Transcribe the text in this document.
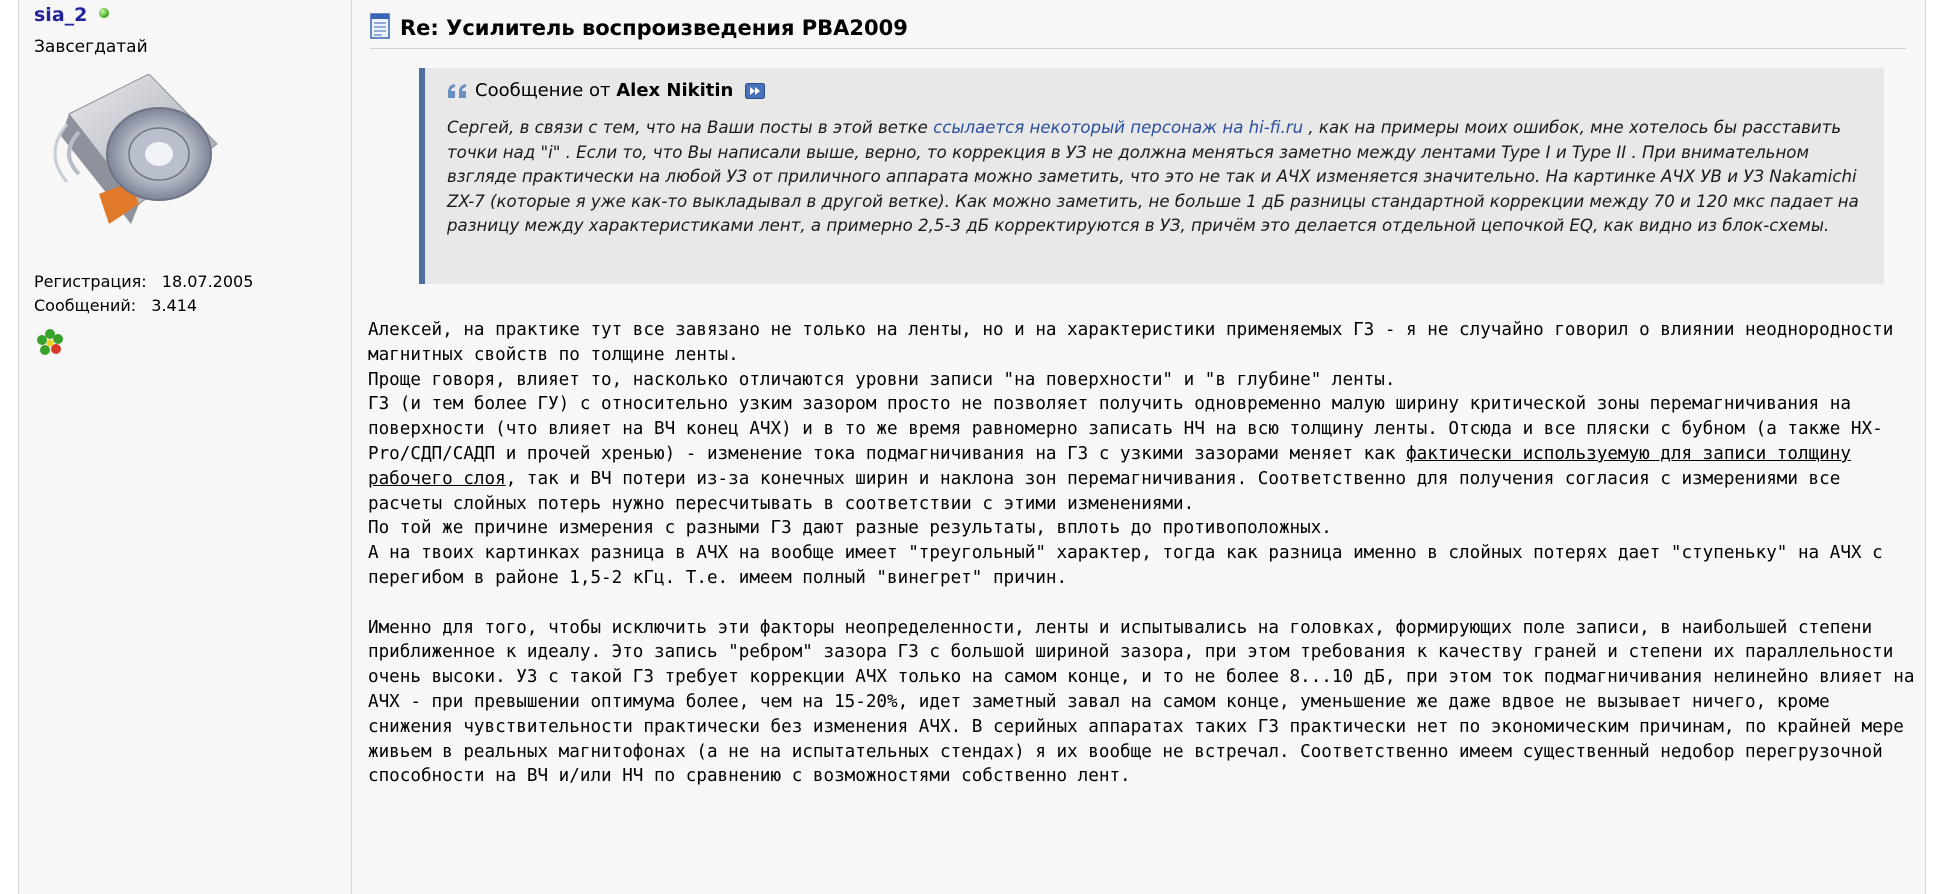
sia_2
Завсегдатай
Регистрация: 18.07.2005
Сообщений: 3.414
Re: Усилитель воспроизведения PBA2009
Сообщение от Alex Nikitin
Сергей, в связи с тем, что на Ваши посты в этой ветке ссылается некоторый персонаж на hi-fi.ru , как на примеры моих ошибок, мне хотелось бы расставить точки над "i" . Если то, что Вы написали выше, верно, то коррекция в УЗ не должна меняться заметно между лентами Type I и Type II . При внимательном взгляде практически на любой УЗ от приличного аппарата можно заметить, что это не так и АЧХ изменяется значительно. На картинке АЧХ УВ и УЗ Nakamichi ZX-7 (которые я уже как-то выкладывал в другой ветке). Как можно заметить, не больше 1 дБ разницы стандартной коррекции между 70 и 120 мкс падает на разницу между характеристиками лент, а примерно 2,5-3 дБ корректируются в УЗ, причём это делается отдельной цепочкой EQ, как видно из блок-схемы.

Алексей, на практике тут все завязано не только на ленты, но и на характеристики применяемых ГЗ - я не случайно говорил о влиянии неоднородности магнитных свойств по толщине ленты.

Проще говоря, влияет то, насколько отличаются уровни записи "на поверхности" и "в глубине" ленты.

ГЗ (и тем более ГУ) с относительно узким зазором просто не позволяет получить одновременно малую ширину критической зоны перемагничивания на поверхности (что влияет на ВЧ конец АЧХ) и в то же время равномерно записать НЧ на всю толщину ленты. Отсюда и все пляски с бубном (а также HX-Pro/СДП/САДП и прочей хренью) - изменение тока подмагничивания на ГЗ с узкими зазорами меняет как фактически используемую для записи толщину рабочего слоя, так и ВЧ потери из-за конечных ширин и наклона зон перемагничивания. Соответственно для получения согласия с измерениями все расчеты слойных потерь нужно пересчитывать в соответствии с этими изменениями.

По той же причине измерения с разными ГЗ дают разные результаты, вплоть до противоположных.

А на твоих картинках разница в АЧХ на вообще имеет "треугольный" характер, тогда как разница именно в слойных потерях дает "ступеньку" на АЧХ с перегибом в районе 1,5-2 кГц. Т.е. имеем полный "винегрет" причин.

Именно для того, чтобы исключить эти факторы неопределенности, ленты и испытывались на головках, формирующих поле записи, в наибольшей степени приближенное к идеалу. Это запись "ребром" зазора ГЗ с большой шириной зазора, при этом требования к качеству граней и степени их параллельности очень высоки. УЗ с такой ГЗ требует коррекции АЧХ только на самом конце, и то не более 8...10 дБ, при этом ток подмагничивания нелинейно влияет на АЧХ - при превышении оптимума более, чем на 15-20%, идет заметный завал на самом конце, уменьшение же даже вдвое не вызывает ничего, кроме снижения чувствительности практически без изменения АЧХ. В серийных аппаратах таких ГЗ практически нет по экономическим причинам, по крайней мере живьем в реальных магнитофонах (а не на испытательных стендах) я их вообще не встречал. Соответственно имеем существенный недобор перегрузочной способности на ВЧ и/или НЧ по сравнению с возможностями собственно лент.
